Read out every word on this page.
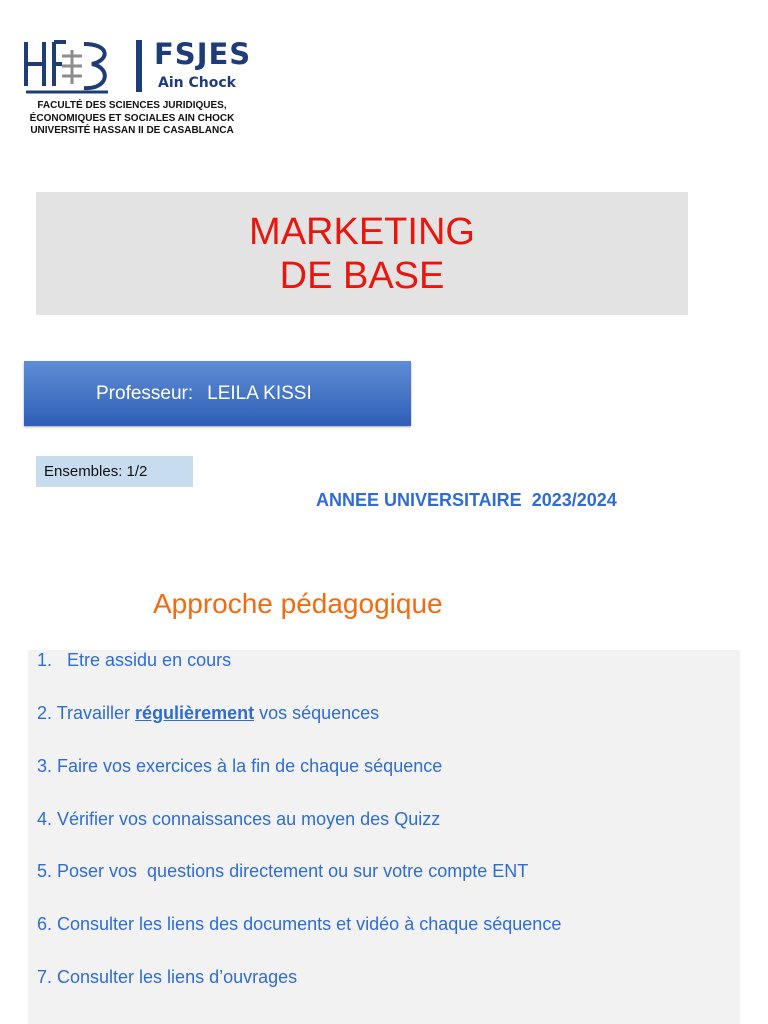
FSJES
Ain Chock
FACULTÉ DES SCIENCES JURIDIQUES,
ÉCONOMIQUES ET SOCIALES AIN CHOCK
UNIVERSITÉ HASSAN II DE CASABLANCA
MARKETING
DE BASE
Professeur: LEILA KISSI
Ensembles: 1/2
ANNEE UNIVERSITAIRE  2023/2024
Approche pédagogique
1.   Etre assidu en cours
2. Travailler régulièrement vos séquences
3. Faire vos exercices à la fin de chaque séquence
4. Vérifier vos connaissances au moyen des Quizz
5. Poser vos  questions directement ou sur votre compte ENT
6. Consulter les liens des documents et vidéo à chaque séquence
7. Consulter les liens d’ouvrages
